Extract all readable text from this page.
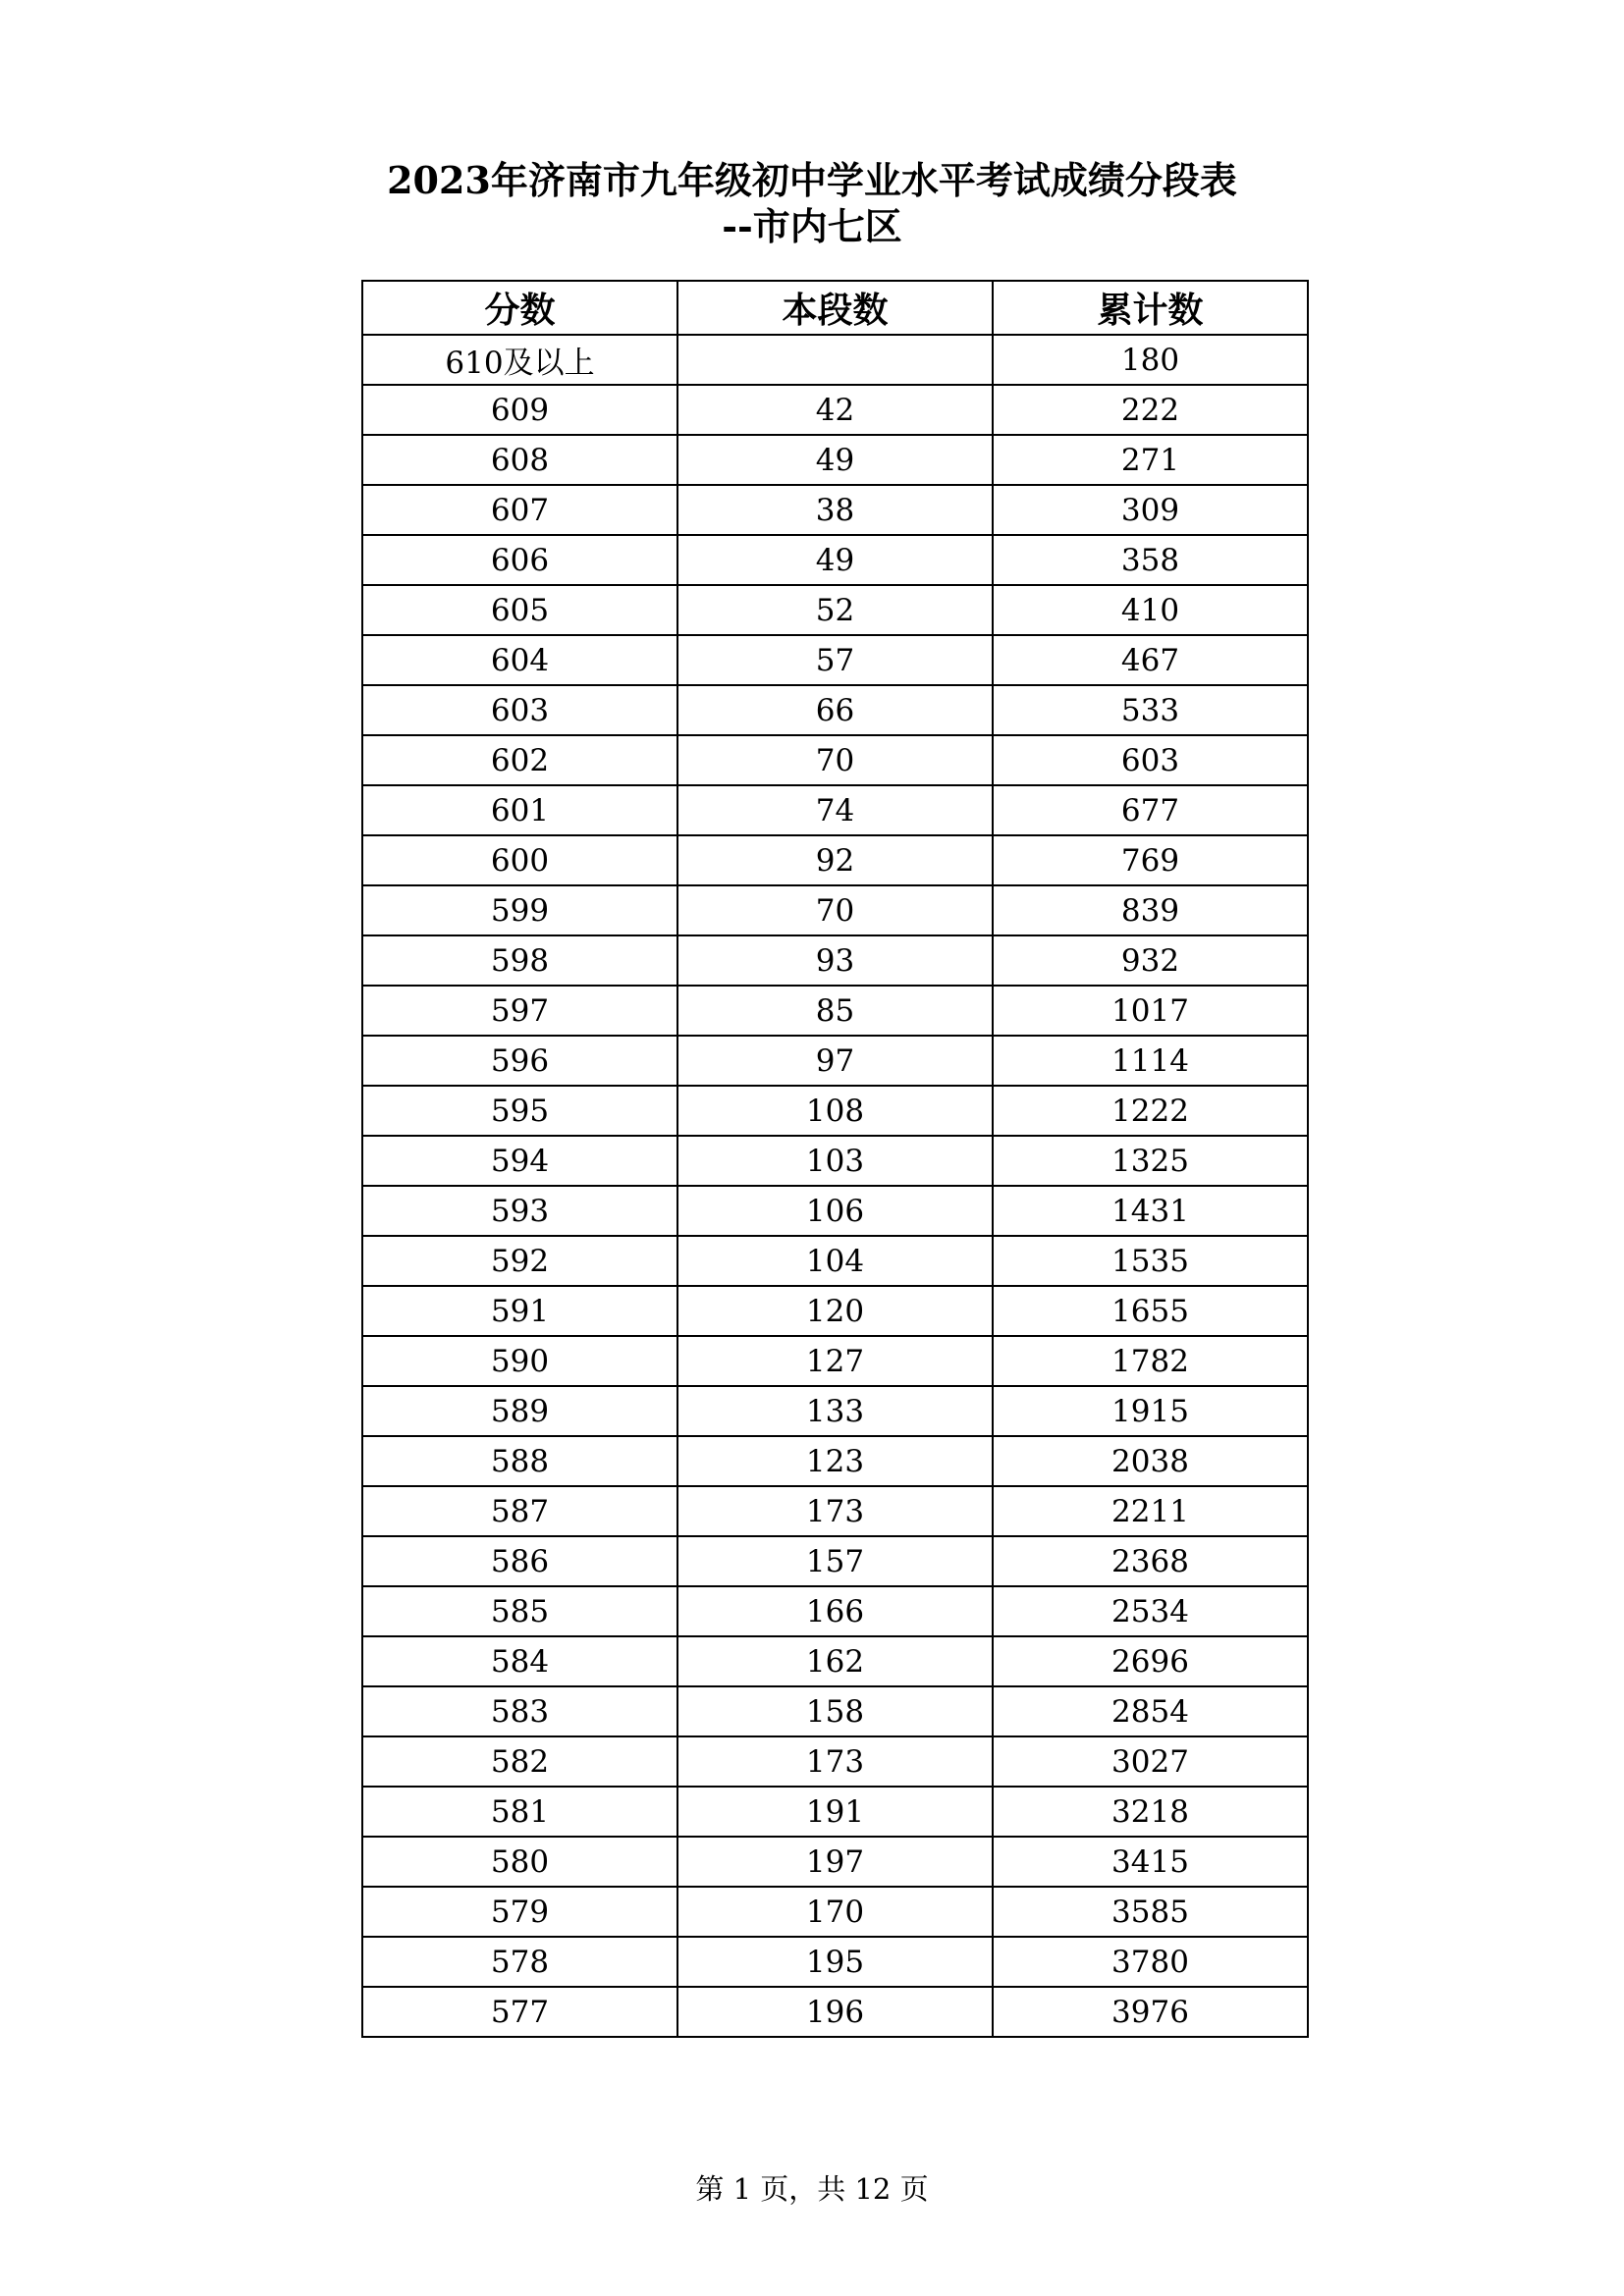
2023年济南市九年级初中学业水平考试成绩分段表
--市内七区
分数	本段数	累计数
610及以上		180
609	42	222
608	49	271
607	38	309
606	49	358
605	52	410
604	57	467
603	66	533
602	70	603
601	74	677
600	92	769
599	70	839
598	93	932
597	85	1017
596	97	1114
595	108	1222
594	103	1325
593	106	1431
592	104	1535
591	120	1655
590	127	1782
589	133	1915
588	123	2038
587	173	2211
586	157	2368
585	166	2534
584	162	2696
583	158	2854
582	173	3027
581	191	3218
580	197	3415
579	170	3585
578	195	3780
577	196	3976
第 1 页，共 12 页
